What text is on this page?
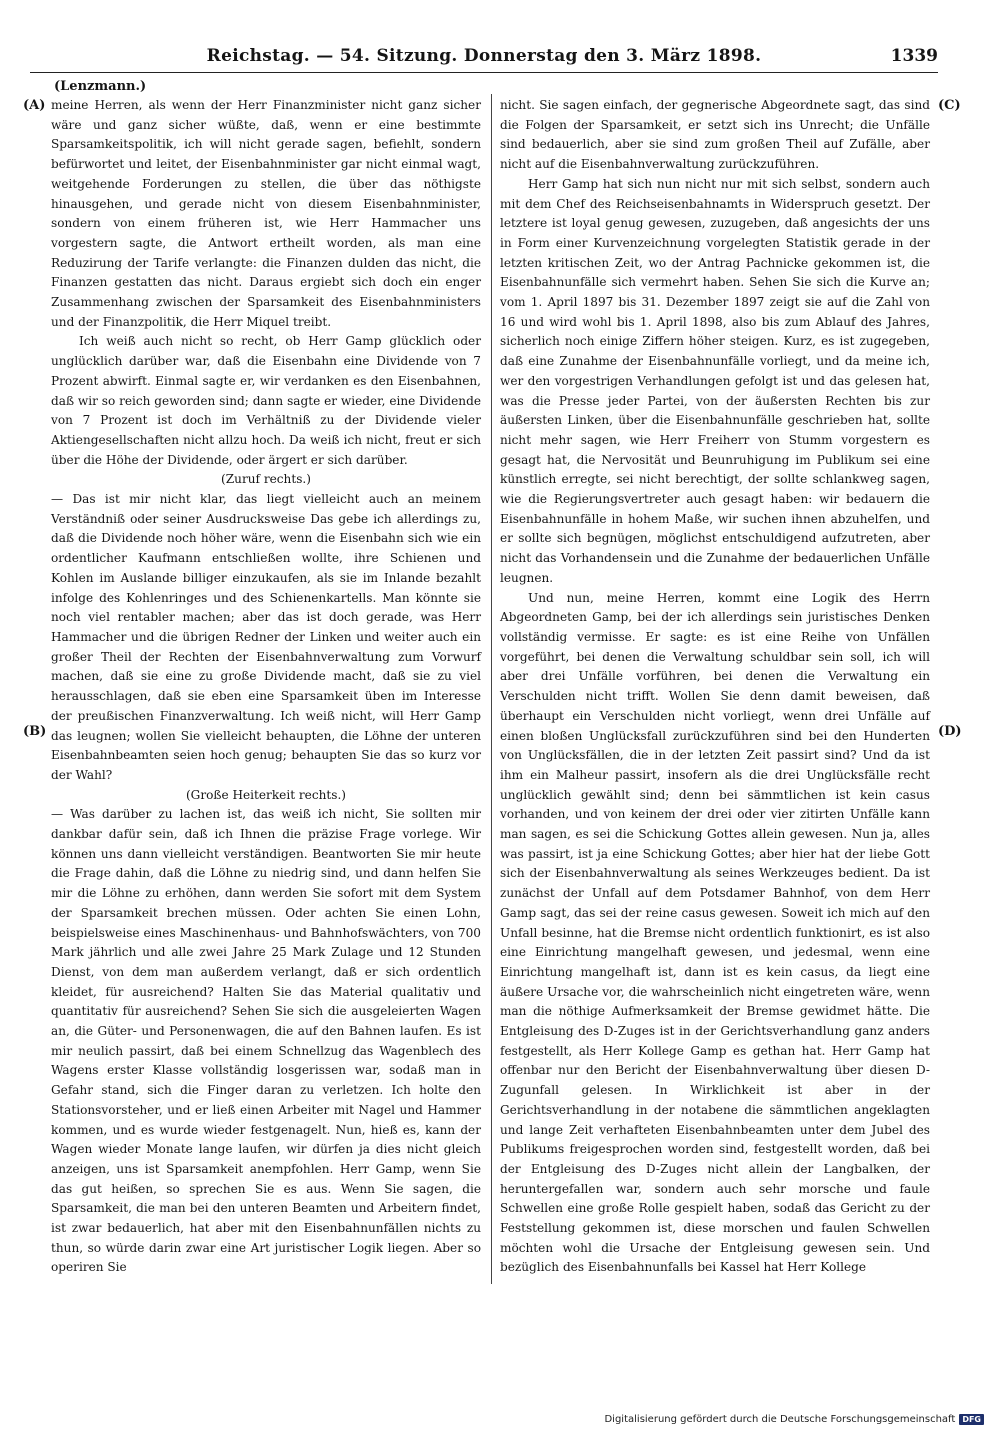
Reichstag. — 54. Sitzung. Donnerstag den 3. März 1898.	1339
(Lenzmann.)
(A)
(B)
(C)
(D)

meine Herren, als wenn der Herr Finanzminister nicht ganz sicher wäre und ganz sicher wüßte, daß, wenn er eine bestimmte Sparsamkeitspolitik, ich will nicht gerade sagen, befiehlt, sondern befürwortet und leitet, der Eisenbahnminister gar nicht einmal wagt, weitgehende Forderungen zu stellen, die über das nöthigste hinausgehen, und gerade nicht von diesem Eisenbahnminister, sondern von einem früheren ist, wie Herr Hammacher uns vorgestern sagte, die Antwort ertheilt worden, als man eine Reduzirung der Tarife verlangte: die Finanzen dulden das nicht, die Finanzen gestatten das nicht. Daraus ergiebt sich doch ein enger Zusammenhang zwischen der Sparsamkeit des Eisenbahnministers und der Finanzpolitik, die Herr Miquel treibt.

Ich weiß auch nicht so recht, ob Herr Gamp glücklich oder unglücklich darüber war, daß die Eisenbahn eine Dividende von 7 Prozent abwirft. Einmal sagte er, wir verdanken es den Eisenbahnen, daß wir so reich geworden sind; dann sagte er wieder, eine Dividende von 7 Prozent ist doch im Verhältniß zu der Dividende vieler Aktiengesellschaften nicht allzu hoch. Da weiß ich nicht, freut er sich über die Höhe der Dividende, oder ärgert er sich darüber.

(Zuruf rechts.)

— Das ist mir nicht klar, das liegt vielleicht auch an meinem Verständniß oder seiner Ausdrucksweise Das gebe ich allerdings zu, daß die Dividende noch höher wäre, wenn die Eisenbahn sich wie ein ordentlicher Kaufmann entschließen wollte, ihre Schienen und Kohlen im Auslande billiger einzukaufen, als sie im Inlande bezahlt infolge des Kohlenringes und des Schienenkartells. Man könnte sie noch viel rentabler machen; aber das ist doch gerade, was Herr Hammacher und die übrigen Redner der Linken und weiter auch ein großer Theil der Rechten der Eisenbahnverwaltung zum Vorwurf machen, daß sie eine zu große Dividende macht, daß sie zu viel herausschlagen, daß sie eben eine Sparsamkeit üben im Interesse der preußischen Finanzverwaltung. Ich weiß nicht, will Herr Gamp das leugnen; wollen Sie vielleicht behaupten, die Löhne der unteren Eisenbahnbeamten seien hoch genug; behaupten Sie das so kurz vor der Wahl?

(Große Heiterkeit rechts.)

— Was darüber zu lachen ist, das weiß ich nicht, Sie sollten mir dankbar dafür sein, daß ich Ihnen die präzise Frage vorlege. Wir können uns dann vielleicht verständigen. Beantworten Sie mir heute die Frage dahin, daß die Löhne zu niedrig sind, und dann helfen Sie mir die Löhne zu erhöhen, dann werden Sie sofort mit dem System der Sparsamkeit brechen müssen. Oder achten Sie einen Lohn, beispielsweise eines Maschinenhaus- und Bahnhofswächters, von 700 Mark jährlich und alle zwei Jahre 25 Mark Zulage und 12 Stunden Dienst, von dem man außerdem verlangt, daß er sich ordentlich kleidet, für ausreichend? Halten Sie das Material qualitativ und quantitativ für ausreichend? Sehen Sie sich die ausgeleierten Wagen an, die Güter- und Personenwagen, die auf den Bahnen laufen. Es ist mir neulich passirt, daß bei einem Schnellzug das Wagenblech des Wagens erster Klasse vollständig losgerissen war, sodaß man in Gefahr stand, sich die Finger daran zu verletzen. Ich holte den Stationsvorsteher, und er ließ einen Arbeiter mit Nagel und Hammer kommen, und es wurde wieder festgenagelt. Nun, hieß es, kann der Wagen wieder Monate lange laufen, wir dürfen ja dies nicht gleich anzeigen, uns ist Sparsamkeit anempfohlen. Herr Gamp, wenn Sie das gut heißen, so sprechen Sie es aus. Wenn Sie sagen, die Sparsamkeit, die man bei den unteren Beamten und Arbeitern findet, ist zwar bedauerlich, hat aber mit den Eisenbahnunfällen nichts zu thun, so würde darin zwar eine Art juristischer Logik liegen. Aber so operiren Sie

nicht. Sie sagen einfach, der gegnerische Abgeordnete sagt, das sind die Folgen der Sparsamkeit, er setzt sich ins Unrecht; die Unfälle sind bedauerlich, aber sie sind zum großen Theil auf Zufälle, aber nicht auf die Eisenbahnverwaltung zurückzuführen.

Herr Gamp hat sich nun nicht nur mit sich selbst, sondern auch mit dem Chef des Reichseisenbahnamts in Widerspruch gesetzt. Der letztere ist loyal genug gewesen, zuzugeben, daß angesichts der uns in Form einer Kurvenzeichnung vorgelegten Statistik gerade in der letzten kritischen Zeit, wo der Antrag Pachnicke gekommen ist, die Eisenbahnunfälle sich vermehrt haben. Sehen Sie sich die Kurve an; vom 1. April 1897 bis 31. Dezember 1897 zeigt sie auf die Zahl von 16 und wird wohl bis 1. April 1898, also bis zum Ablauf des Jahres, sicherlich noch einige Ziffern höher steigen. Kurz, es ist zugegeben, daß eine Zunahme der Eisenbahnunfälle vorliegt, und da meine ich, wer den vorgestrigen Verhandlungen gefolgt ist und das gelesen hat, was die Presse jeder Partei, von der äußersten Rechten bis zur äußersten Linken, über die Eisenbahnunfälle geschrieben hat, sollte nicht mehr sagen, wie Herr Freiherr von Stumm vorgestern es gesagt hat, die Nervosität und Beunruhigung im Publikum sei eine künstlich erregte, sei nicht berechtigt, der sollte schlankweg sagen, wie die Regierungsvertreter auch gesagt haben: wir bedauern die Eisenbahnunfälle in hohem Maße, wir suchen ihnen abzuhelfen, und er sollte sich begnügen, möglichst entschuldigend aufzutreten, aber nicht das Vorhandensein und die Zunahme der bedauerlichen Unfälle leugnen.

Und nun, meine Herren, kommt eine Logik des Herrn Abgeordneten Gamp, bei der ich allerdings sein juristisches Denken vollständig vermisse. Er sagte: es ist eine Reihe von Unfällen vorgeführt, bei denen die Verwaltung schuldbar sein soll, ich will aber drei Unfälle vorführen, bei denen die Verwaltung ein Verschulden nicht trifft. Wollen Sie denn damit beweisen, daß überhaupt ein Verschulden nicht vorliegt, wenn drei Unfälle auf einen bloßen Unglücksfall zurückzuführen sind bei den Hunderten von Unglücksfällen, die in der letzten Zeit passirt sind? Und da ist ihm ein Malheur passirt, insofern als die drei Unglücksfälle recht unglücklich gewählt sind; denn bei sämmtlichen ist kein casus vorhanden, und von keinem der drei oder vier zitirten Unfälle kann man sagen, es sei die Schickung Gottes allein gewesen. Nun ja, alles was passirt, ist ja eine Schickung Gottes; aber hier hat der liebe Gott sich der Eisenbahnverwaltung als seines Werkzeuges bedient. Da ist zunächst der Unfall auf dem Potsdamer Bahnhof, von dem Herr Gamp sagt, das sei der reine casus gewesen. Soweit ich mich auf den Unfall besinne, hat die Bremse nicht ordentlich funktionirt, es ist also eine Einrichtung mangelhaft gewesen, und jedesmal, wenn eine Einrichtung mangelhaft ist, dann ist es kein casus, da liegt eine äußere Ursache vor, die wahrscheinlich nicht eingetreten wäre, wenn man die nöthige Aufmerksamkeit der Bremse gewidmet hätte. Die Entgleisung des D-Zuges ist in der Gerichtsverhandlung ganz anders festgestellt, als Herr Kollege Gamp es gethan hat. Herr Gamp hat offenbar nur den Bericht der Eisenbahnverwaltung über diesen D-Zugunfall gelesen. In Wirklichkeit ist aber in der Gerichtsverhandlung in der notabene die sämmtlichen angeklagten und lange Zeit verhafteten Eisenbahnbeamten unter dem Jubel des Publikums freigesprochen worden sind, festgestellt worden, daß bei der Entgleisung des D-Zuges nicht allein der Langbalken, der heruntergefallen war, sondern auch sehr morsche und faule Schwellen eine große Rolle gespielt haben, sodaß das Gericht zu der Feststellung gekommen ist, diese morschen und faulen Schwellen möchten wohl die Ursache der Entgleisung gewesen sein. Und bezüglich des Eisenbahnunfalls bei Kassel hat Herr Kollege

Digitalisierung gefördert durch die Deutsche Forschungsgemeinschaft DFG
